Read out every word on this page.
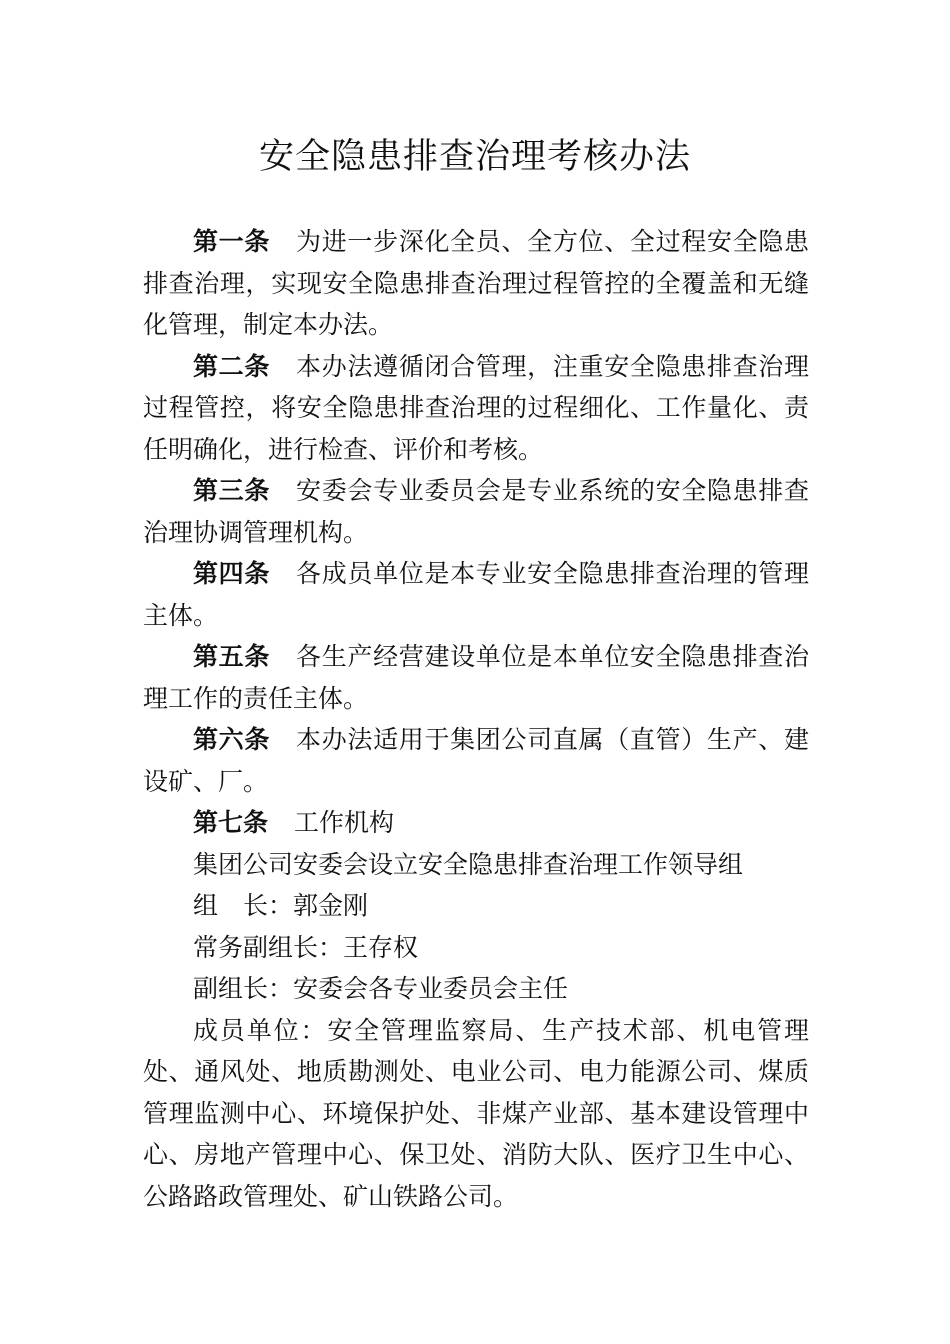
安全隐患排查治理考核办法

第一条 为进一步深化全员、全方位、全过程安全隐患排查治理，实现安全隐患排查治理过程管控的全覆盖和无缝化管理，制定本办法。

第二条 本办法遵循闭合管理，注重安全隐患排查治理过程管控，将安全隐患排查治理的过程细化、工作量化、责任明确化，进行检查、评价和考核。

第三条 安委会专业委员会是专业系统的安全隐患排查治理协调管理机构。

第四条 各成员单位是本专业安全隐患排查治理的管理主体。

第五条 各生产经营建设单位是本单位安全隐患排查治理工作的责任主体。

第六条 本办法适用于集团公司直属（直管）生产、建设矿、厂。

第七条 工作机构

集团公司安委会设立安全隐患排查治理工作领导组

组　长：郭金刚

常务副组长：王存权

副组长：安委会各专业委员会主任

成员单位：安全管理监察局、生产技术部、机电管理处、通风处、地质勘测处、电业公司、电力能源公司、煤质管理监测中心、环境保护处、非煤产业部、基本建设管理中心、房地产管理中心、保卫处、消防大队、医疗卫生中心、公路路政管理处、矿山铁路公司。
